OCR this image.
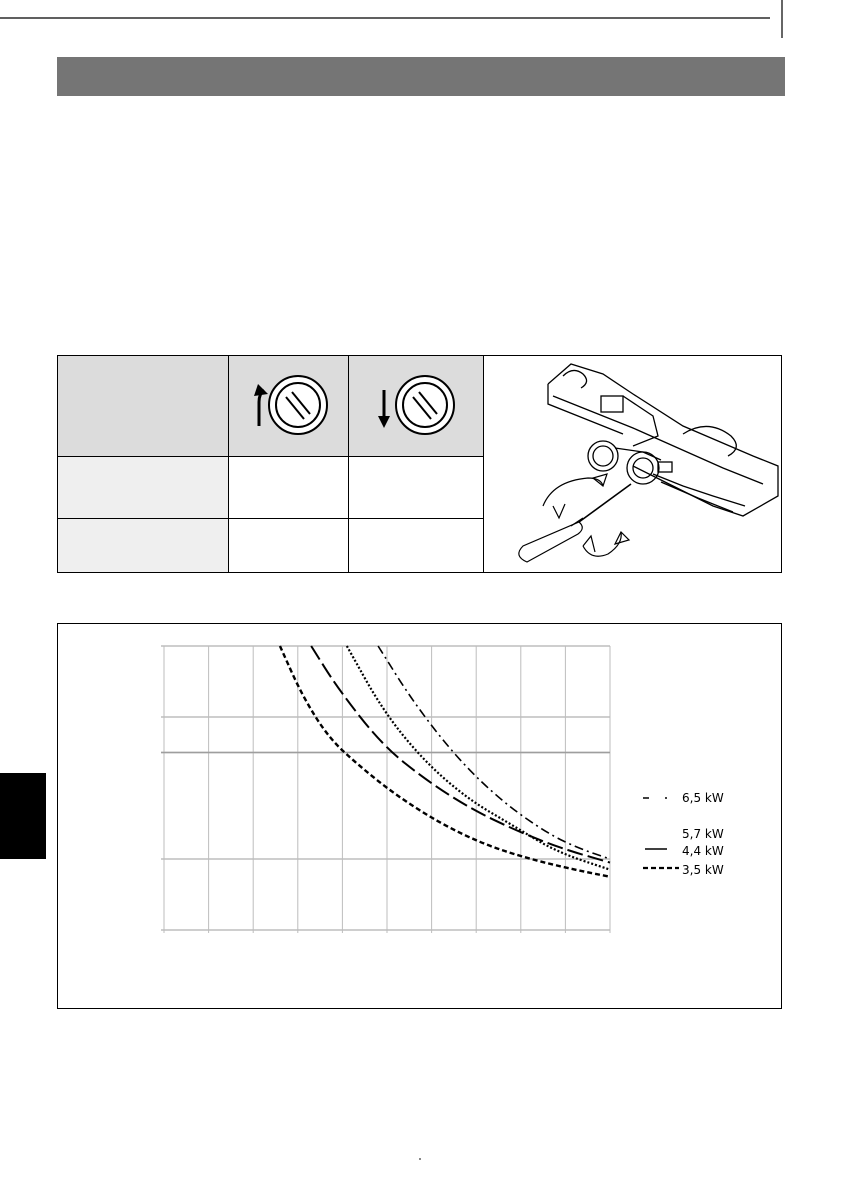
6,5 kW
5,7 kW
4,4 kW
3,5 kW
